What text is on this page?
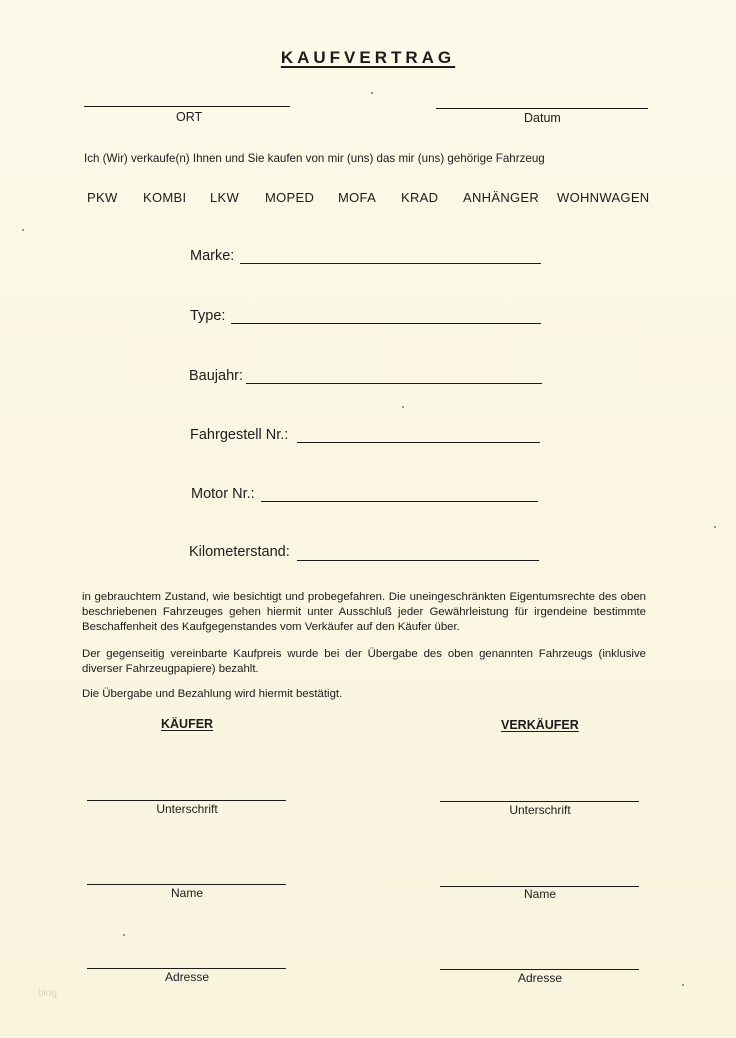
KAUFVERTRAG
ORT	Datum
Ich (Wir) verkaufe(n) Ihnen und Sie kaufen von mir (uns) das mir (uns) gehörige Fahrzeug
PKW KOMBI LKW MOPED MOFA KRAD ANHÄNGER WOHNWAGEN
Marke:
Type:
Baujahr:
Fahrgestell Nr.:
Motor Nr.:
Kilometerstand:
in gebrauchtem Zustand, wie besichtigt und probegefahren. Die uneingeschränkten Eigentumsrechte des oben beschriebenen Fahrzeuges gehen hiermit unter Ausschluß jeder Gewährleistung für irgendeine bestimmte Beschaffenheit des Kaufgegenstandes vom Verkäufer auf den Käufer über.
Der gegenseitig vereinbarte Kaufpreis wurde bei der Übergabe des oben genannten Fahrzeugs (inklusive diverser Fahrzeugpapiere) bezahlt.
Die Übergabe und Bezahlung wird hiermit bestätigt.
KÄUFER	VERKÄUFER
Unterschrift
Name
Adresse
Unterschrift
Name
Adresse
blog
